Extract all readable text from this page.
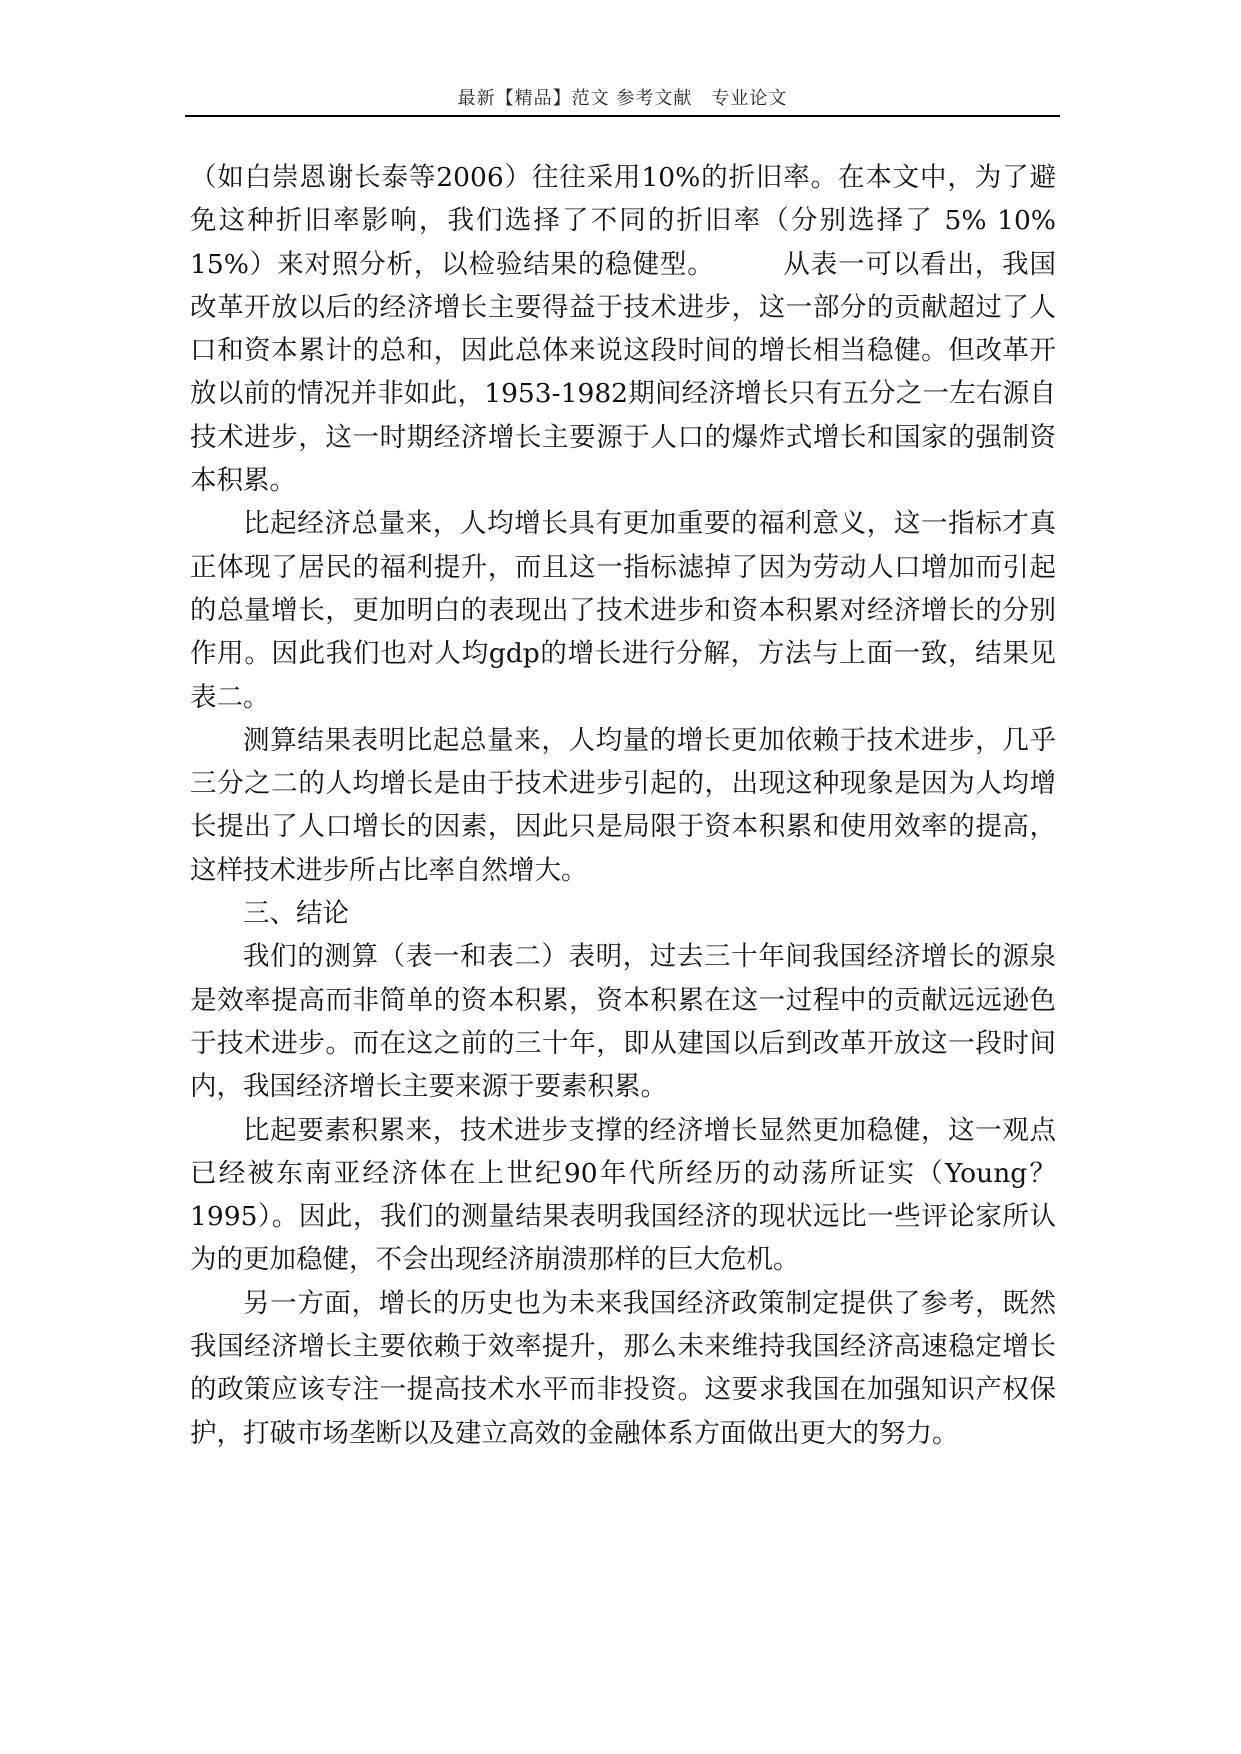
最新【精品】范文 参考文献　专业论文

（如白崇恩谢长泰等2006）往往采用10%的折旧率。在本文中，为了避免这种折旧率影响，我们选择了不同的折旧率（分别选择了 5% 10% 15%）来对照分析，以检验结果的稳健型。　　　从表一可以看出，我国改革开放以后的经济增长主要得益于技术进步，这一部分的贡献超过了人口和资本累计的总和，因此总体来说这段时间的增长相当稳健。但改革开放以前的情况并非如此，1953-1982期间经济增长只有五分之一左右源自技术进步，这一时期经济增长主要源于人口的爆炸式增长和国家的强制资本积累。

比起经济总量来，人均增长具有更加重要的福利意义，这一指标才真正体现了居民的福利提升，而且这一指标滤掉了因为劳动人口增加而引起的总量增长，更加明白的表现出了技术进步和资本积累对经济增长的分别作用。因此我们也对人均gdp的增长进行分解，方法与上面一致，结果见表二。

测算结果表明比起总量来，人均量的增长更加依赖于技术进步，几乎三分之二的人均增长是由于技术进步引起的，出现这种现象是因为人均增长提出了人口增长的因素，因此只是局限于资本积累和使用效率的提高，这样技术进步所占比率自然增大。

三、结论

我们的测算（表一和表二）表明，过去三十年间我国经济增长的源泉是效率提高而非简单的资本积累，资本积累在这一过程中的贡献远远逊色于技术进步。而在这之前的三十年，即从建国以后到改革开放这一段时间内，我国经济增长主要来源于要素积累。

比起要素积累来，技术进步支撑的经济增长显然更加稳健，这一观点已经被东南亚经济体在上世纪90年代所经历的动荡所证实（Young？ 1995）。因此，我们的测量结果表明我国经济的现状远比一些评论家所认为的更加稳健，不会出现经济崩溃那样的巨大危机。

另一方面，增长的历史也为未来我国经济政策制定提供了参考，既然我国经济增长主要依赖于效率提升，那么未来维持我国经济高速稳定增长的政策应该专注一提高技术水平而非投资。这要求我国在加强知识产权保护，打破市场垄断以及建立高效的金融体系方面做出更大的努力。
